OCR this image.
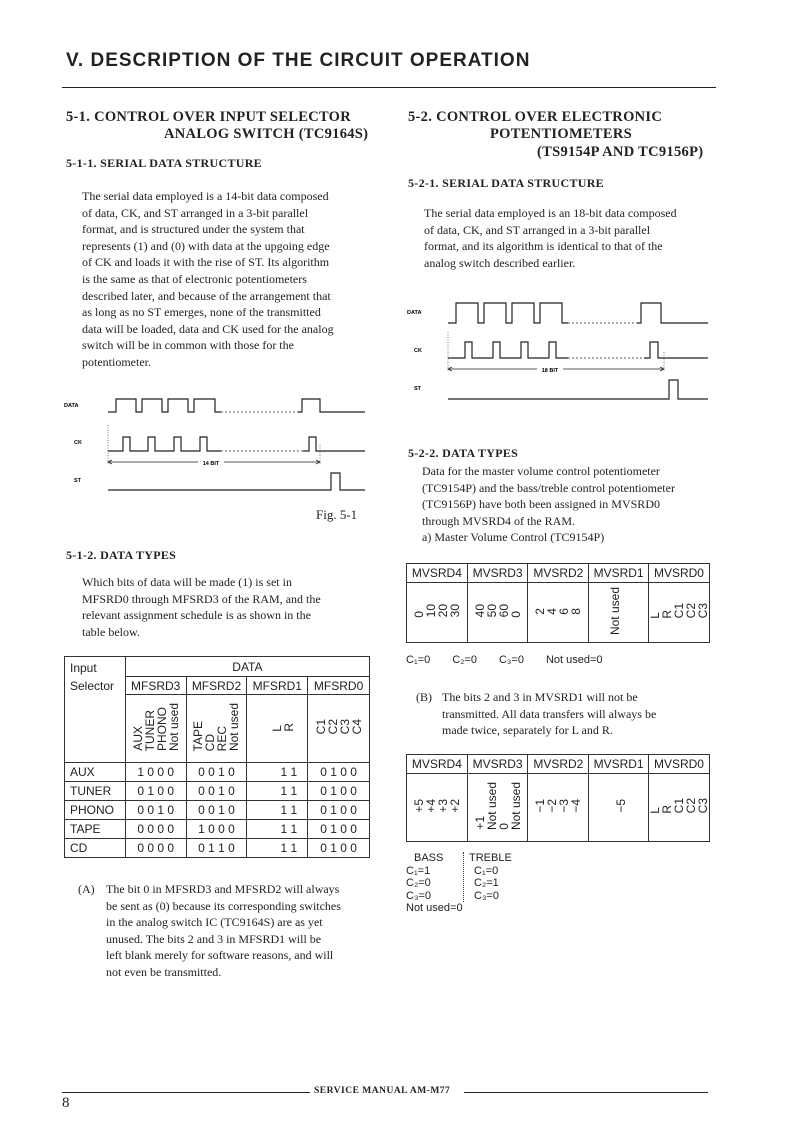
V. DESCRIPTION OF THE CIRCUIT OPERATION
5-1. CONTROL OVER INPUT SELECTOR
ANALOG SWITCH (TC9164S)
5-1-1. SERIAL DATA STRUCTURE
The serial data employed is a 14-bit data composed
of data, CK, and ST arranged in a 3-bit parallel
format, and is structured under the system that
represents (1) and (0) with data at the upgoing edge
of CK and loads it with the rise of ST. Its algorithm
is the same as that of electronic potentiometers
described later, and because of the arrangement that
as long as no ST emerges, none of the transmitted
data will be loaded, data and CK used for the analog
switch will be in common with those for the
potentiometer.
DATA
CK
ST
14 BIT
Fig. 5-1
5-1-2. DATA TYPES
Which bits of data will be made (1) is set in
MFSRD0 through MFSRD3 of the RAM, and the
relevant assignment schedule is as shown in the
table below.
Input
Selector	DATA			
	MFSRD3	MFSRD2	MFSRD1	MFSRD0

	AUX
TUNER
PHONO
Not used	TAPE
CD
REC
Not used	L
R	C1
C2
C3
C4

AUX	1 0 0 0	0 0 1 0	1 1	0 1 0 0
TUNER	0 1 0 0	0 0 1 0	1 1	0 1 0 0
PHONO	0 0 1 0	0 0 1 0	1 1	0 1 0 0
TAPE	0 0 0 0	1 0 0 0	1 1	0 1 0 0
CD	0 0 0 0	0 1 1 0	1 1	0 1 0 0
(A) The bit 0 in MFSRD3 and MFSRD2 will always
be sent as (0) because its corresponding switches
in the analog switch IC (TC9164S) are as yet
unused. The bits 2 and 3 in MFSRD1 will be
left blank merely for software reasons, and will
not even be transmitted.
5-2. CONTROL OVER ELECTRONIC
POTENTIOMETERS
(TS9154P AND TC9156P)
5-2-1. SERIAL DATA STRUCTURE
The serial data employed is an 18-bit data composed
of data, CK, and ST arranged in a 3-bit parallel
format, and its algorithm is identical to that of the
analog switch described earlier.
DATA
CK
ST
18 BIT
5-2-2. DATA TYPES
Data for the master volume control potentiometer
(TC9154P) and the bass/treble control potentiometer
(TC9156P) have both been assigned in MVSRD0
through MVSRD4 of the RAM.
a) Master Volume Control (TC9154P)
MVSRD4	MVSRD3	MVSRD2	MVSRD1	MVSRD0

0
10
20
30	40
50
60
0	2
4
6
8	Not used	L
R
C1
C2
C3
C₁=0 C₂=0 C₃=0 Not used=0
(B) The bits 2 and 3 in MVSRD1 will not be
transmitted. All data transfers will always be
made twice, separately for L and R.
MVSRD4	MVSRD3	MVSRD2	MVSRD1	MVSRD0

+5
+4
+3
+2	+1
Not used
0
Not used	−1
−2
−3
−4	−5	L
R
C1
C2
C3
BASS
C₁=1
C₂=0
C₃=0
TREBLE
C₁=0
C₂=1
C₃=0
Not used=0
SERVICE MANUAL AM-M77
8
